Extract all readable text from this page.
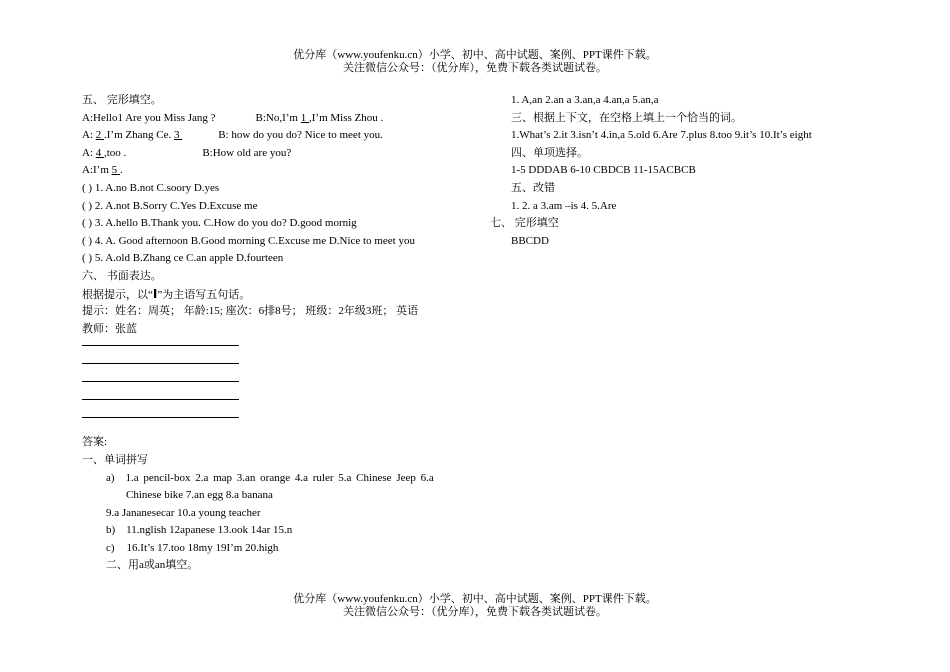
优分库（www.youfenku.cn）小学、初中、高中试题、案例、PPT课件下载。
关注微信公众号：（优分库），免费下载各类试题试卷。
五、 完形填空。
A:Hello1 Are you Miss Jang ?	B:No,I’m 1 ,I’m Miss Zhou .
A: 2 .I’m Zhang Ce. 3	B: how do you do? Nice to meet you.
A: 4 ,too .	B:How old are you?
A:I’m 5 .
( ) 1. A.no B.not C.soory D.yes
( ) 2. A.not B.Sorry C.Yes D.Excuse me
( ) 3. A.hello B.Thank you. C.How do you do? D.good mornig
( ) 4. A. Good afternoon B.Good morning C.Excuse me D.Nice to meet you
( ) 5. A.old B.Zhang ce C.an apple D.fourteen
六、 书面表达。
根据提示，以“I”为主语写五句话。
提示：姓名：周英； 年龄:15; 座次：6排8号； 班级：2年级3班； 英语
教师：张蓝
答案:
一、单词拼写
a) 1.a pencil-box 2.a map 3.an orange 4.a ruler 5.a Chinese Jeep 6.a
Chinese bike 7.an egg 8.a banana
9.a Jananesecar 10.a young teacher
b) 11.nglish 12apanese 13.ook 14ar 15.n
c) 16.It’s 17.too 18my 19I’m 20.high
二、用a或an填空。
1. A,an 2.an a 3.an,a 4.an,a 5.an,a
三、根据上下文，在空格上填上一个恰当的词。
1.What’s 2.it 3.isn’t 4.in,a 5.old 6.Are 7.plus 8.too 9.it’s 10.It’s eight
四、单项选择。
1-5 DDDAB 6-10 CBDCB 11-15ACBCB
五、改错
1. 2. a 3.am –is 4. 5.Are
七、 完形填空
BBCDD
优分库（www.youfenku.cn）小学、初中、高中试题、案例、PPT课件下载。
关注微信公众号：（优分库），免费下载各类试题试卷。
